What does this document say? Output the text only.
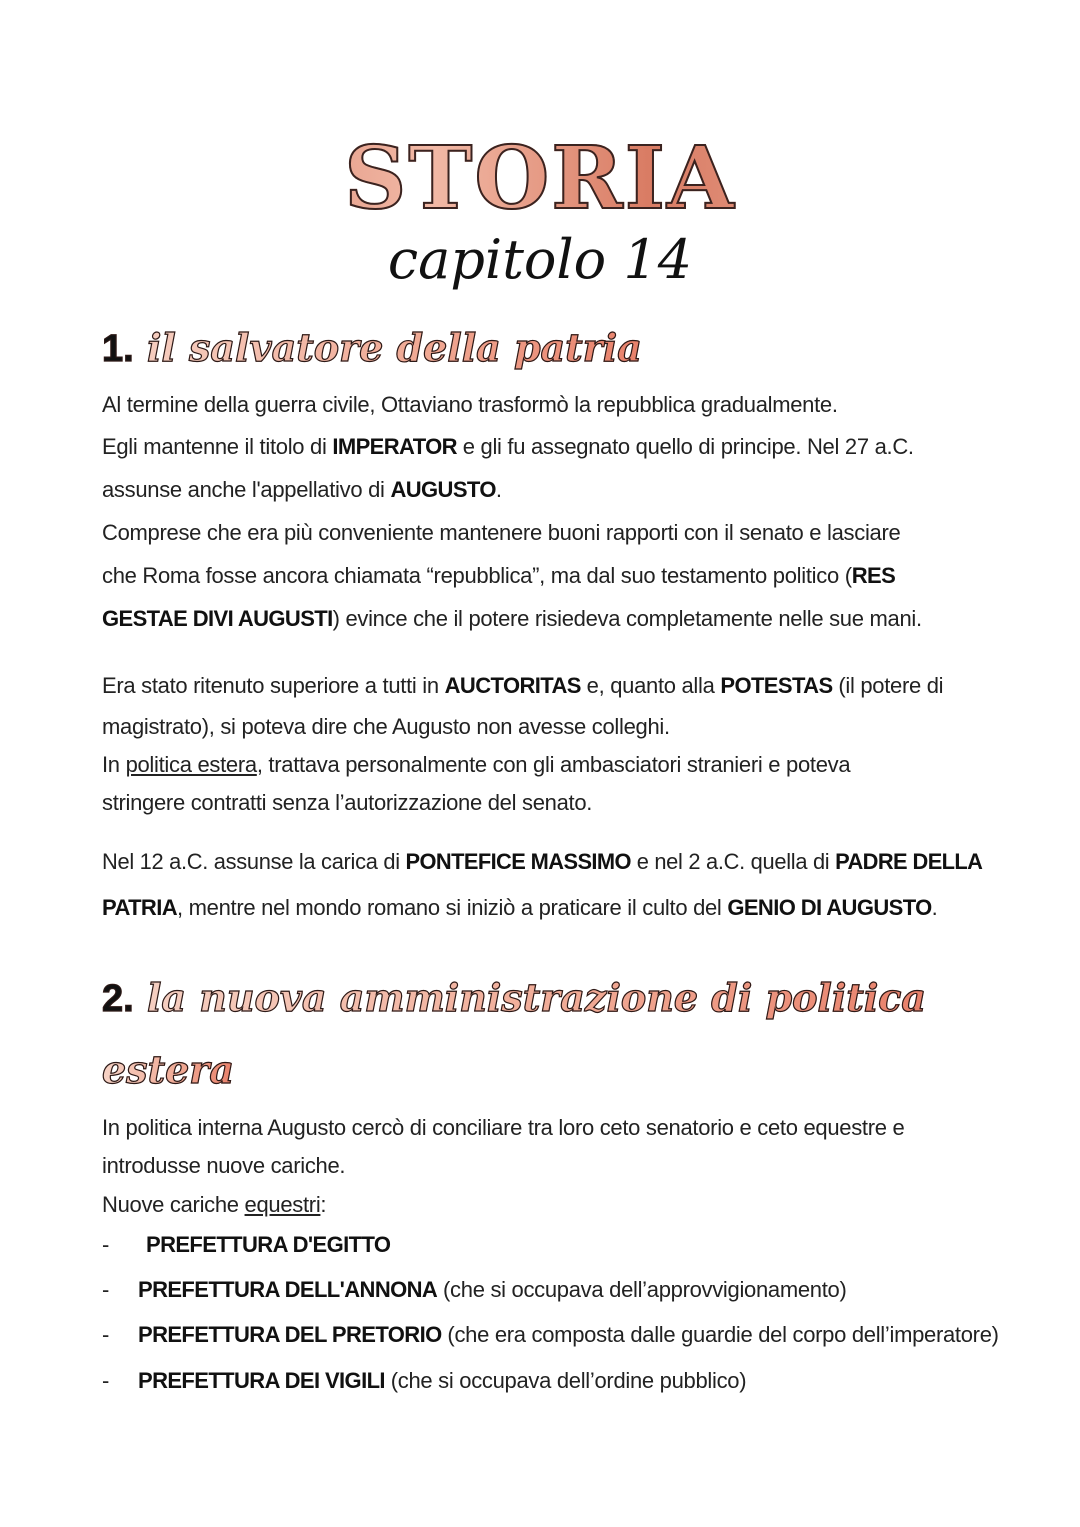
STORIA
capitolo 14
1. il salvatore della patria
2. la nuova amministrazione di politica
estera
Al termine della guerra civile, Ottaviano trasformò la repubblica gradualmente.
Egli mantenne il titolo di IMPERATOR e gli fu assegnato quello di principe. Nel 27 a.C.
assunse anche l'appellativo di AUGUSTO.
Comprese che era più conveniente mantenere buoni rapporti con il senato e lasciare
che Roma fosse ancora chiamata “repubblica”, ma dal suo testamento politico (RES
GESTAE DIVI AUGUSTI) evince che il potere risiedeva completamente nelle sue mani.
Era stato ritenuto superiore a tutti in AUCTORITAS e, quanto alla POTESTAS (il potere di
magistrato), si poteva dire che Augusto non avesse colleghi.
In politica estera, trattava personalmente con gli ambasciatori stranieri e poteva
stringere contratti senza l’autorizzazione del senato.
Nel 12 a.C. assunse la carica di PONTEFICE MASSIMO e nel 2 a.C. quella di PADRE DELLA
PATRIA, mentre nel mondo romano si iniziò a praticare il culto del GENIO DI AUGUSTO.
In politica interna Augusto cercò di conciliare tra loro ceto senatorio e ceto equestre e
introdusse nuove cariche.
Nuove cariche equestri:
- PREFETTURA D'EGITTO
- PREFETTURA DELL'ANNONA (che si occupava dell’approvvigionamento)
- PREFETTURA DEL PRETORIO (che era composta dalle guardie del corpo dell’imperatore)
- PREFETTURA DEI VIGILI (che si occupava dell’ordine pubblico)
